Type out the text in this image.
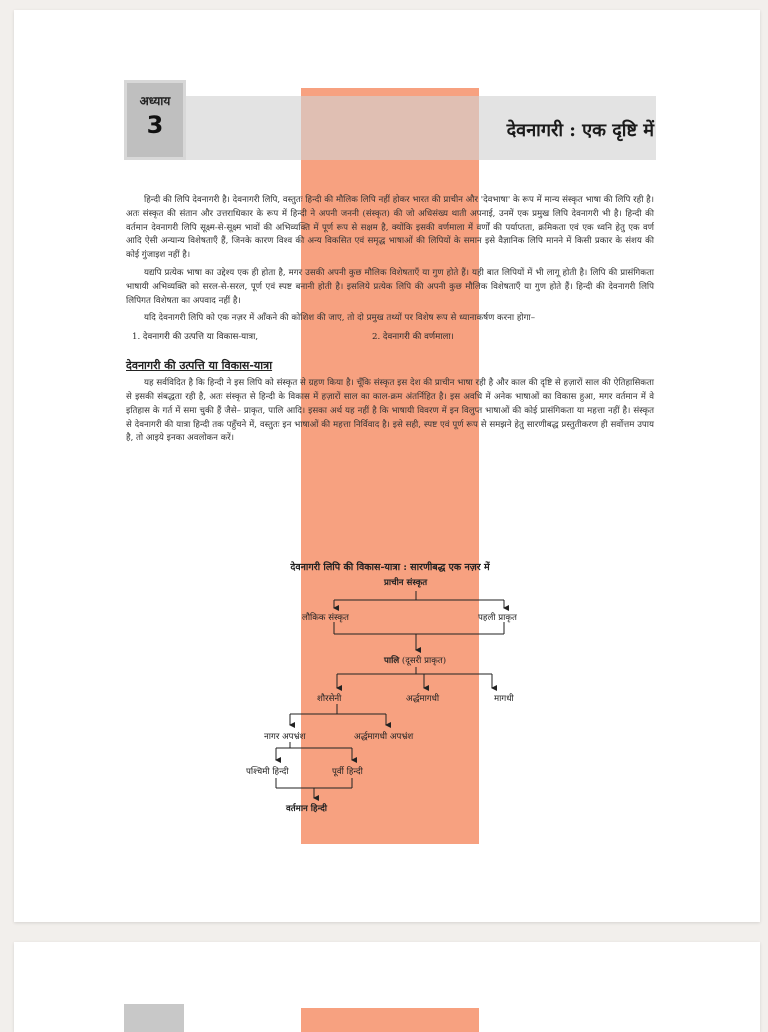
अध्याय
3	देवनागरी : एक दृष्टि में

हिन्दी की लिपि देवनागरी है। देवनागरी लिपि, वस्तुतः हिन्दी की मौलिक लिपि नहीं होकर भारत की प्राचीन और 'देवभाषा' के रूप में मान्य संस्कृत भाषा की लिपि रही है। अतः संस्कृत की संतान और उत्तराधिकार के रूप में हिन्दी ने अपनी जननी (संस्कृत) की जो अधिसंख्य थाती अपनाई, उनमें एक प्रमुख लिपि देवनागरी भी है। हिन्दी की वर्तमान देवनागरी लिपि सूक्ष्म-से-सूक्ष्म भावों की अभिव्यक्ति में पूर्ण रूप से सक्षम है, क्योंकि इसकी वर्णमाला में वर्णों की पर्याप्तता, क्रमिकता एवं एक ध्वनि हेतु एक वर्ण आदि ऐसी अन्यान्य विशेषताएँ हैं, जिनके कारण विश्व की अन्य विकसित एवं समृद्ध भाषाओं की लिपियों के समान इसे वैज्ञानिक लिपि मानने में किसी प्रकार के संशय की कोई गुंजाइश नहीं है।

यद्यपि प्रत्येक भाषा का उद्देश्य एक ही होता है, मगर उसकी अपनी कुछ मौलिक विशेषताएँ या गुण होते हैं। यही बात लिपियों में भी लागू होती है। लिपि की प्रासंगिकता भाषायी अभिव्यक्ति को सरल-से-सरल, पूर्ण एवं स्पष्ट बनानी होती है। इसलिये प्रत्येक लिपि की अपनी कुछ मौलिक विशेषताएँ या गुण होते हैं। हिन्दी की देवनागरी लिपि लिपिगत विशेषता का अपवाद नहीं है।

यदि देवनागरी लिपि को एक नज़र में आँकने की कोशिश की जाए, तो दो प्रमुख तथ्यों पर विशेष रूप से ध्यानाकर्षण करना होगा–

1. देवनागरी की उत्पत्ति या विकास-यात्रा,	2. देवनागरी की वर्णमाला।
देवनागरी की उत्पत्ति या विकास-यात्रा

यह सर्वविदित है कि हिन्दी ने इस लिपि को संस्कृत से ग्रहण किया है। चूँकि संस्कृत इस देश की प्राचीन भाषा रही है और काल की दृष्टि से हज़ारों साल की ऐतिहासिकता से इसकी संबद्धता रही है, अतः संस्कृत से हिन्दी के विकास में हज़ारों साल का काल-क्रम अंतर्निहित है। इस अवधि में अनेक भाषाओं का विकास हुआ, मगर वर्तमान में वे इतिहास के गर्त में समा चुकी हैं जैसे– प्राकृत, पालि आदि। इसका अर्थ यह नहीं है कि भाषायी विवरण में इन विलुप्त भाषाओं की कोई प्रासंगिकता या महत्ता नहीं है। संस्कृत से देवनागरी की यात्रा हिन्दी तक पहुँचने में, वस्तुतः इन भाषाओं की महत्ता निर्विवाद है। इसे सही, स्पष्ट एवं पूर्ण रूप से समझने हेतु सारणीबद्ध प्रस्तुतीकरण ही सर्वोत्तम उपाय है, तो आइये इनका अवलोकन करें।

देवनागरी लिपि की विकास-यात्रा : सारणीबद्ध एक नज़र में
प्राचीन संस्कृत
लौकिक संस्कृत	पहली प्राकृत
पालि (दूसरी प्राकृत)
शौरसेनी	अर्द्धमागधी	मागधी
नागर अपभ्रंश	अर्द्धमागधी अपभ्रंश
पश्चिमी हिन्दी	पूर्वी हिन्दी
वर्तमान हिन्दी
